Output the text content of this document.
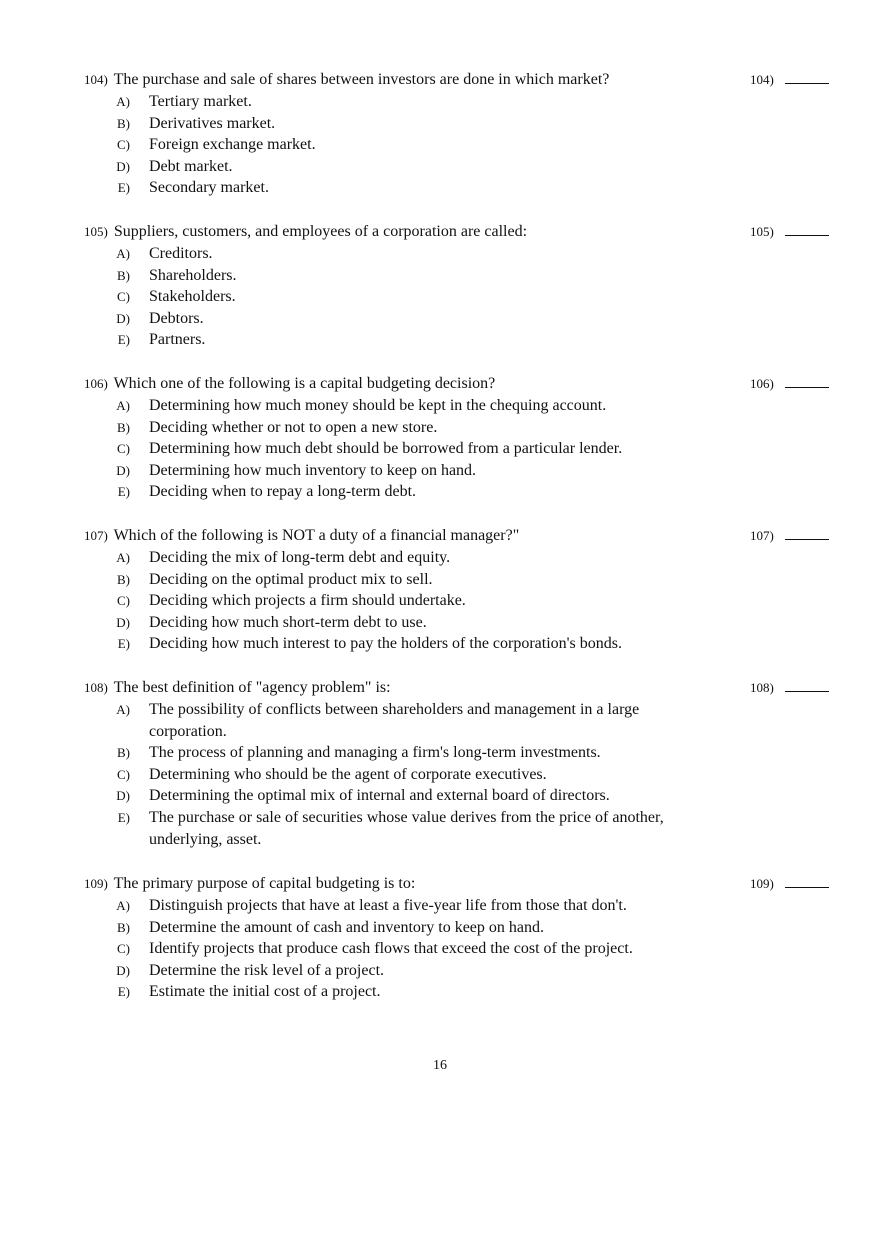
104) The purchase and sale of shares between investors are done in which market?	104)
A) Tertiary market.
B) Derivatives market.
C) Foreign exchange market.
D) Debt market.
E) Secondary market.
105) Suppliers, customers, and employees of a corporation are called:	105)
A) Creditors.
B) Shareholders.
C) Stakeholders.
D) Debtors.
E) Partners.
106) Which one of the following is a capital budgeting decision?	106)
A) Determining how much money should be kept in the chequing account.
B) Deciding whether or not to open a new store.
C) Determining how much debt should be borrowed from a particular lender.
D) Determining how much inventory to keep on hand.
E) Deciding when to repay a long-term debt.
107) Which of the following is NOT a duty of a financial manager?"	107)
A) Deciding the mix of long-term debt and equity.
B) Deciding on the optimal product mix to sell.
C) Deciding which projects a firm should undertake.
D) Deciding how much short-term debt to use.
E) Deciding how much interest to pay the holders of the corporation's bonds.
108) The best definition of "agency problem" is:	108)
A) The possibility of conflicts between shareholders and management in a large corporation.
B) The process of planning and managing a firm's long-term investments.
C) Determining who should be the agent of corporate executives.
D) Determining the optimal mix of internal and external board of directors.
E) The purchase or sale of securities whose value derives from the price of another, underlying, asset.
109) The primary purpose of capital budgeting is to:	109)
A) Distinguish projects that have at least a five-year life from those that don't.
B) Determine the amount of cash and inventory to keep on hand.
C) Identify projects that produce cash flows that exceed the cost of the project.
D) Determine the risk level of a project.
E) Estimate the initial cost of a project.
16
